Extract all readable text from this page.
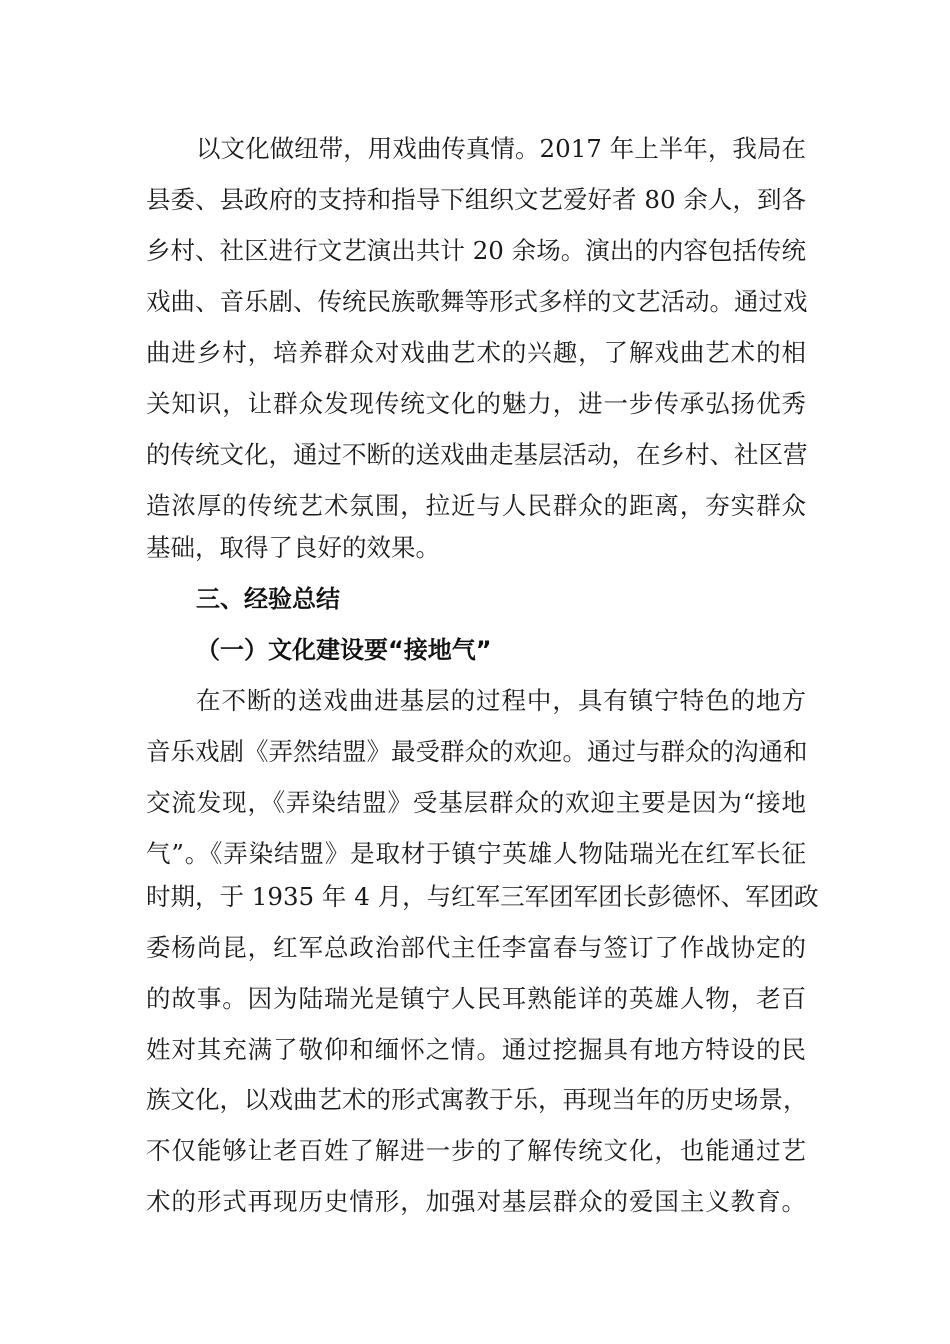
以文化做纽带，用戏曲传真情。2017 年上半年，我局在
县委、县政府的支持和指导下组织文艺爱好者 80 余人，到各
乡村、社区进行文艺演出共计 20 余场。演出的内容包括传统
戏曲、音乐剧、传统民族歌舞等形式多样的文艺活动。通过戏
曲进乡村，培养群众对戏曲艺术的兴趣，了解戏曲艺术的相
关知识，让群众发现传统文化的魅力，进一步传承弘扬优秀
的传统文化，通过不断的送戏曲走基层活动，在乡村、社区营
造浓厚的传统艺术氛围，拉近与人民群众的距离，夯实群众
基础，取得了良好的效果。
三、经验总结
（一）文化建设要“接地气”
在不断的送戏曲进基层的过程中，具有镇宁特色的地方
音乐戏剧《弄然结盟》最受群众的欢迎。通过与群众的沟通和
交流发现，《弄染结盟》受基层群众的欢迎主要是因为“接地
气”。《弄染结盟》是取材于镇宁英雄人物陆瑞光在红军长征
时期，于 1935 年 4 月，与红军三军团军团长彭德怀、军团政
委杨尚昆，红军总政治部代主任李富春与签订了作战协定的
的故事。因为陆瑞光是镇宁人民耳熟能详的英雄人物，老百
姓对其充满了敬仰和缅怀之情。通过挖掘具有地方特设的民
族文化，以戏曲艺术的形式寓教于乐，再现当年的历史场景，
不仅能够让老百姓了解进一步的了解传统文化，也能通过艺
术的形式再现历史情形，加强对基层群众的爱国主义教育。
